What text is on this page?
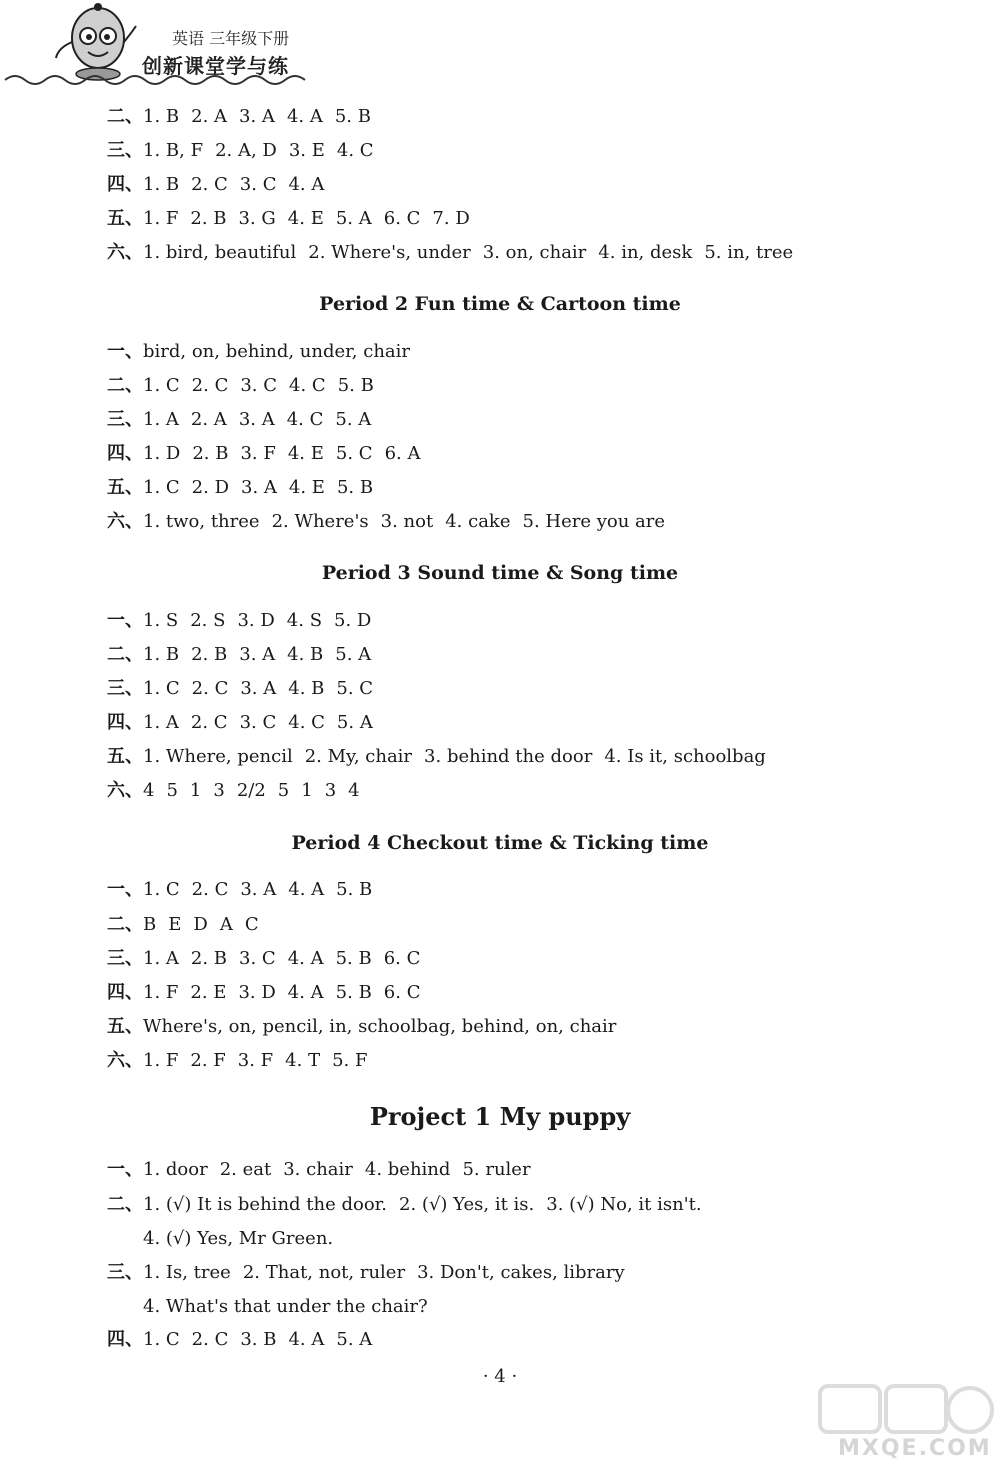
英语 三年级下册
创新课堂学与练
二、1. B 2. A 3. A 4. A 5. B
三、1. B, F 2. A, D 3. E 4. C
四、1. B 2. C 3. C 4. A
五、1. F 2. B 3. G 4. E 5. A 6. C 7. D
六、1. bird, beautiful 2. Where's, under 3. on, chair 4. in, desk 5. in, tree
Period 2 Fun time & Cartoon time
一、bird, on, behind, under, chair
二、1. C 2. C 3. C 4. C 5. B
三、1. A 2. A 3. A 4. C 5. A
四、1. D 2. B 3. F 4. E 5. C 6. A
五、1. C 2. D 3. A 4. E 5. B
六、1. two, three 2. Where's 3. not 4. cake 5. Here you are
Period 3 Sound time & Song time
一、1. S 2. S 3. D 4. S 5. D
二、1. B 2. B 3. A 4. B 5. A
三、1. C 2. C 3. A 4. B 5. C
四、1. A 2. C 3. C 4. C 5. A
五、1. Where, pencil 2. My, chair 3. behind the door 4. Is it, schoolbag
六、4 5 1 3 2/2 5 1 3 4
Period 4 Checkout time & Ticking time
一、1. C 2. C 3. A 4. A 5. B
二、B E D A C
三、1. A 2. B 3. C 4. A 5. B 6. C
四、1. F 2. E 3. D 4. A 5. B 6. C
五、Where's, on, pencil, in, schoolbag, behind, on, chair
六、1. F 2. F 3. F 4. T 5. F
Project 1 My puppy
一、1. door 2. eat 3. chair 4. behind 5. ruler
二、1. (√) It is behind the door. 2. (√) Yes, it is. 3. (√) No, it isn't.
4. (√) Yes, Mr Green.
三、1. Is, tree 2. That, not, ruler 3. Don't, cakes, library
4. What's that under the chair?
四、1. C 2. C 3. B 4. A 5. A
· 4 ·
MXQE.COM
